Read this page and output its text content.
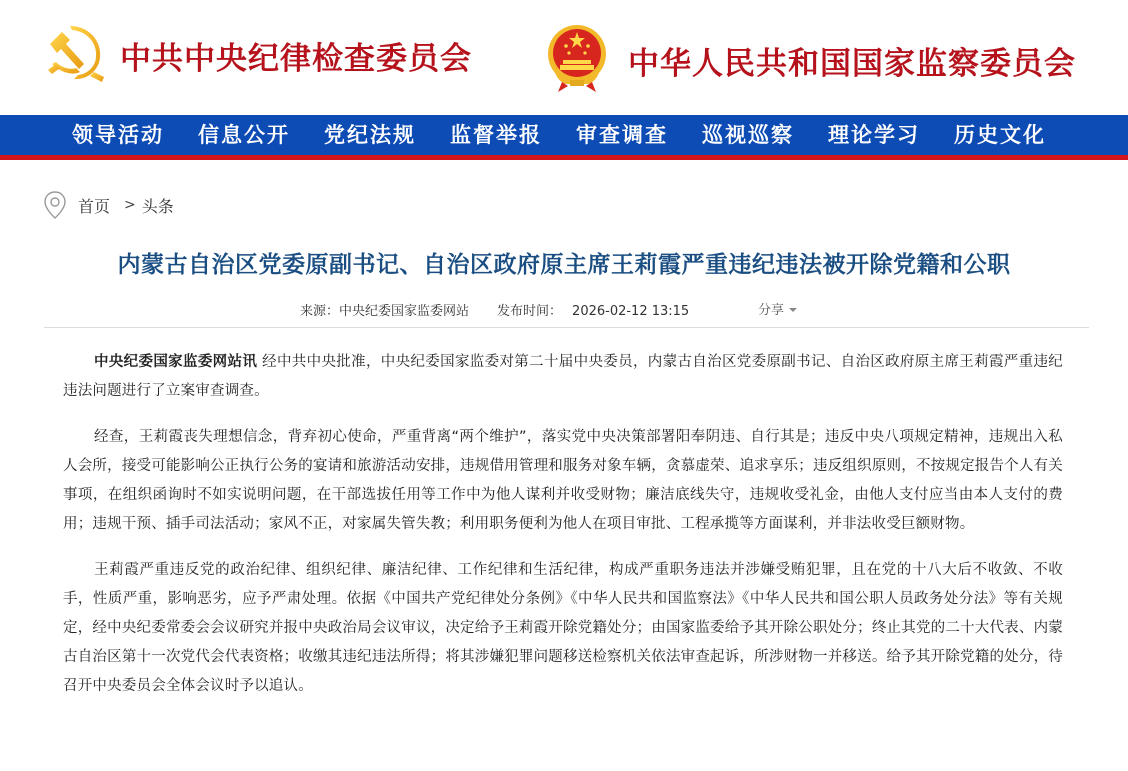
中共中央纪律检查委员会	中华人民共和国国家监察委员会
领导活动 信息公开 党纪法规 监督举报 审查调查 巡视巡察 理论学习 历史文化
首页 > 头条
内蒙古自治区党委原副书记、自治区政府原主席王莉霞严重违纪违法被开除党籍和公职
来源：中央纪委国家监委网站 发布时间： 2026-02-12 13:15	分享

中央纪委国家监委网站讯 经中共中央批准，中央纪委国家监委对第二十届中央委员，内蒙古自治区党委原副书记、自治区政府原主席王莉霞严重违纪违法问题进行了立案审查调查。

经查，王莉霞丧失理想信念，背弃初心使命，严重背离“两个维护”，落实党中央决策部署阳奉阴违、自行其是；违反中央八项规定精神，违规出入私人会所，接受可能影响公正执行公务的宴请和旅游活动安排，违规借用管理和服务对象车辆，贪慕虚荣、追求享乐；违反组织原则，不按规定报告个人有关事项，在组织函询时不如实说明问题，在干部选拔任用等工作中为他人谋利并收受财物；廉洁底线失守，违规收受礼金，由他人支付应当由本人支付的费用；违规干预、插手司法活动；家风不正，对家属失管失教；利用职务便利为他人在项目审批、工程承揽等方面谋利，并非法收受巨额财物。

王莉霞严重违反党的政治纪律、组织纪律、廉洁纪律、工作纪律和生活纪律，构成严重职务违法并涉嫌受贿犯罪，且在党的十八大后不收敛、不收手，性质严重，影响恶劣，应予严肃处理。依据《中国共产党纪律处分条例》《中华人民共和国监察法》《中华人民共和国公职人员政务处分法》等有关规定，经中央纪委常委会会议研究并报中央政治局会议审议，决定给予王莉霞开除党籍处分；由国家监委给予其开除公职处分；终止其党的二十大代表、内蒙古自治区第十一次党代会代表资格；收缴其违纪违法所得；将其涉嫌犯罪问题移送检察机关依法审查起诉，所涉财物一并移送。给予其开除党籍的处分，待召开中央委员会全体会议时予以追认。
